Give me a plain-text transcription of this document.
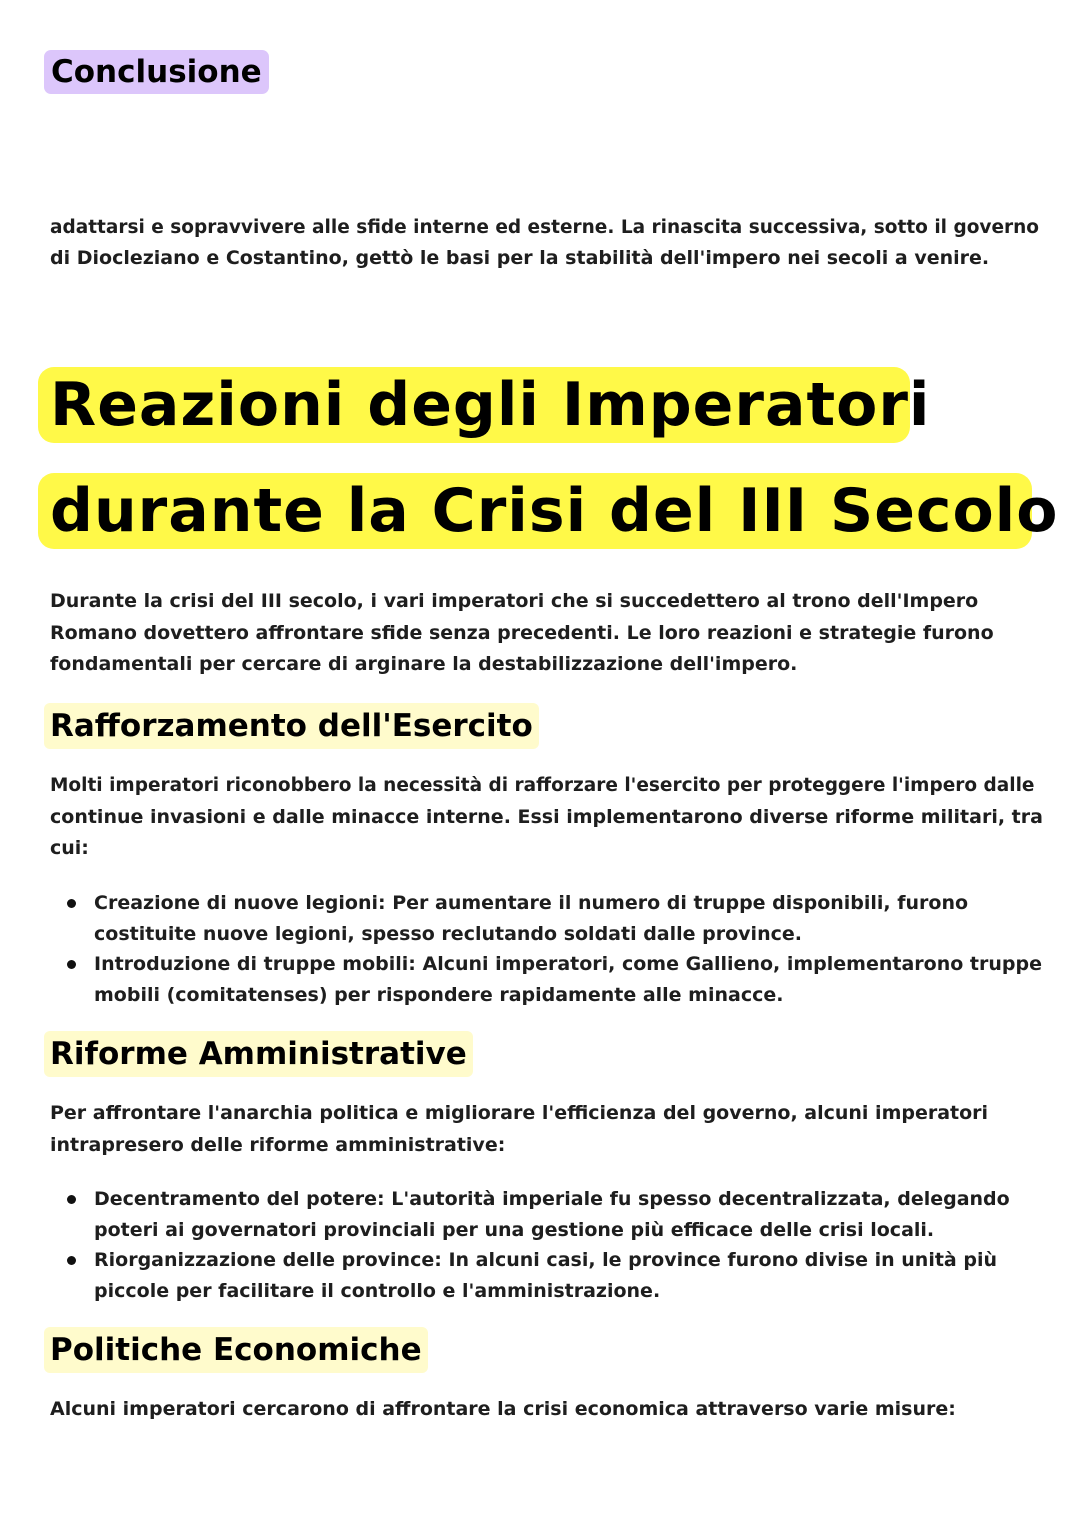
Conclusione

adattarsi e sopravvivere alle sfide interne ed esterne. La rinascita successiva, sotto il governo
di Diocleziano e Costantino, gettò le basi per la stabilità dell'impero nei secoli a venire.

Reazioni degli Imperatori
durante la Crisi del III Secolo

Durante la crisi del III secolo, i vari imperatori che si succedettero al trono dell'Impero
Romano dovettero affrontare sfide senza precedenti. Le loro reazioni e strategie furono
fondamentali per cercare di arginare la destabilizzazione dell'impero.

Rafforzamento dell'Esercito

Molti imperatori riconobbero la necessità di rafforzare l'esercito per proteggere l'impero dalle
continue invasioni e dalle minacce interne. Essi implementarono diverse riforme militari, tra
cui:

Creazione di nuove legioni: Per aumentare il numero di truppe disponibili, furono
costituite nuove legioni, spesso reclutando soldati dalle province.
Introduzione di truppe mobili: Alcuni imperatori, come Gallieno, implementarono truppe
mobili (comitatenses) per rispondere rapidamente alle minacce.
Riforme Amministrative

Per affrontare l'anarchia politica e migliorare l'efficienza del governo, alcuni imperatori
intrapresero delle riforme amministrative:

Decentramento del potere: L'autorità imperiale fu spesso decentralizzata, delegando
poteri ai governatori provinciali per una gestione più efficace delle crisi locali.
Riorganizzazione delle province: In alcuni casi, le province furono divise in unità più
piccole per facilitare il controllo e l'amministrazione.
Politiche Economiche

Alcuni imperatori cercarono di affrontare la crisi economica attraverso varie misure:
